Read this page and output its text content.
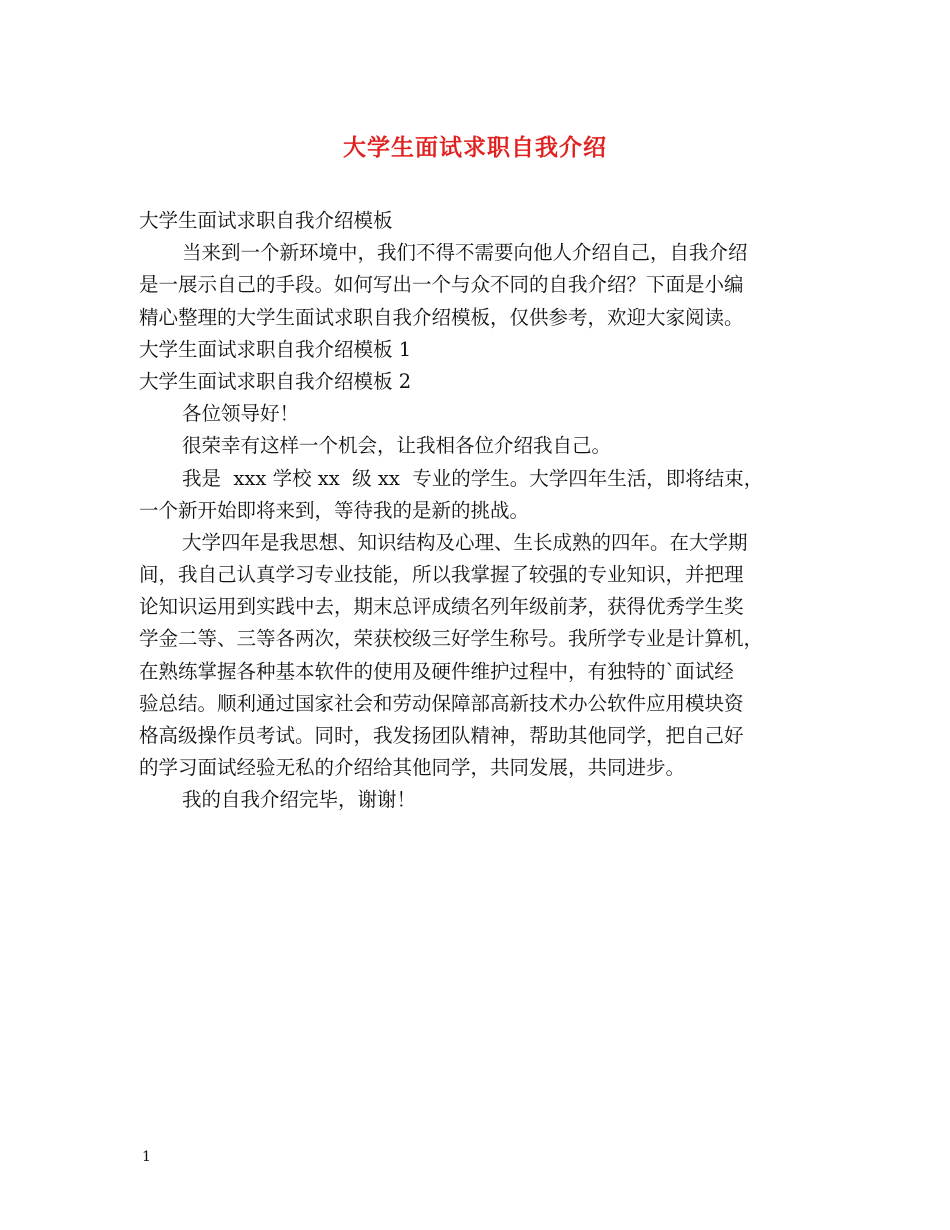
大学生面试求职自我介绍
大学生面试求职自我介绍模板
当来到一个新环境中，我们不得不需要向他人介绍自己，自我介绍
是一展示自己的手段。如何写出一个与众不同的自我介绍？下面是小编
精心整理的大学生面试求职自我介绍模板，仅供参考，欢迎大家阅读。
大学生面试求职自我介绍模板 1
大学生面试求职自我介绍模板 2
各位领导好！
很荣幸有这样一个机会，让我相各位介绍我自己。
我是  xxx 学校 xx  级 xx  专业的学生。大学四年生活，即将结束，
一个新开始即将来到，等待我的是新的挑战。
大学四年是我思想、知识结构及心理、生长成熟的四年。在大学期
间，我自己认真学习专业技能，所以我掌握了较强的专业知识，并把理
论知识运用到实践中去，期末总评成绩名列年级前茅，获得优秀学生奖
学金二等、三等各两次，荣获校级三好学生称号。我所学专业是计算机，
在熟练掌握各种基本软件的使用及硬件维护过程中，有独特的`面试经
验总结。顺利通过国家社会和劳动保障部高新技术办公软件应用模块资
格高级操作员考试。同时，我发扬团队精神，帮助其他同学，把自己好
的学习面试经验无私的介绍给其他同学，共同发展，共同进步。
我的自我介绍完毕，谢谢！
1
